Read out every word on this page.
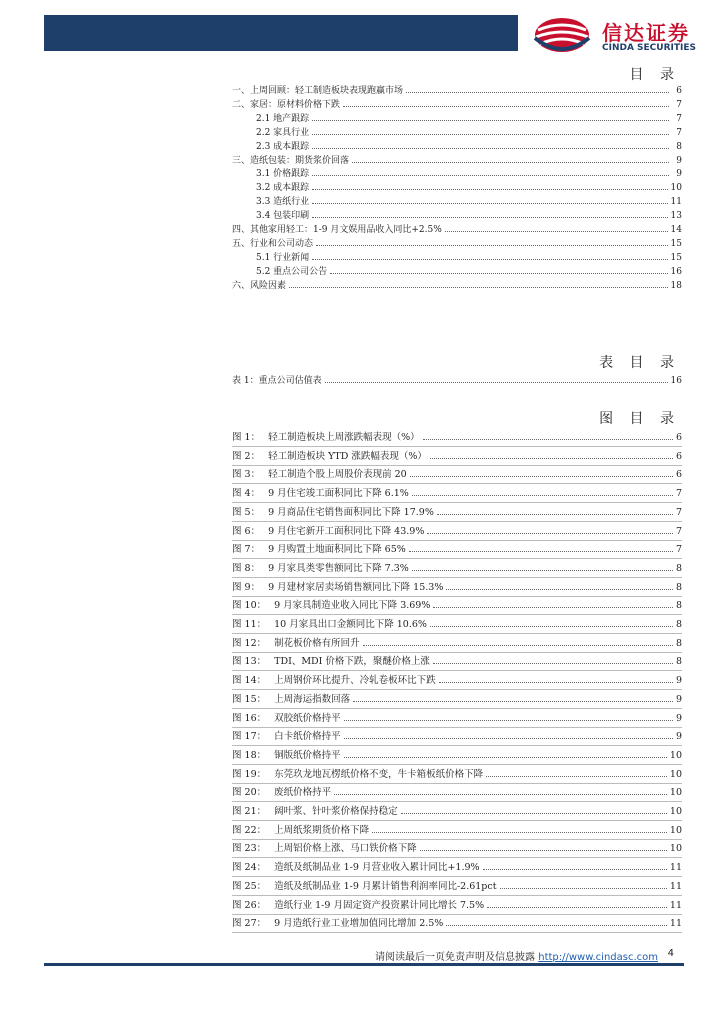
信达证券
CINDA SECURITIES
目 录
一、上周回顾：轻工制造板块表现跑赢市场	6
二、家居：原材料价格下跌	7
2.1 地产跟踪	7
2.2 家具行业	7
2.3 成本跟踪	8
三、造纸包装：期货浆价回落	9
3.1 价格跟踪	9
3.2 成本跟踪	10
3.3 造纸行业	11
3.4 包装印刷	13
四、其他家用轻工：1-9 月文娱用品收入同比+2.5%	14
五、行业和公司动态	15
5.1 行业新闻	15
5.2 重点公司公告	16
六、风险因素	18
表 目 录
表 1：重点公司估值表	16
图 目 录
图 1： 轻工制造板块上周涨跌幅表现（%）	6
图 2： 轻工制造板块 YTD 涨跌幅表现（%）	6
图 3： 轻工制造个股上周股价表现前 20	6
图 4： 9 月住宅竣工面积同比下降 6.1%	7
图 5： 9 月商品住宅销售面积同比下降 17.9%	7
图 6： 9 月住宅新开工面积同比下降 43.9%	7
图 7： 9 月购置土地面积同比下降 65%	7
图 8： 9 月家具类零售额同比下降 7.3%	8
图 9： 9 月建材家居卖场销售额同比下降 15.3%	8
图 10： 9 月家具制造业收入同比下降 3.69%	8
图 11： 10 月家具出口金额同比下降 10.6%	8
图 12： 制花板价格有所回升	8
图 13： TDI、MDI 价格下跌，聚醚价格上涨	8
图 14： 上周钢价环比提升、冷轧卷板环比下跌	9
图 15： 上周海运指数回落	9
图 16： 双胶纸价格持平	9
图 17： 白卡纸价格持平	9
图 18： 铜版纸价格持平	10
图 19： 东莞玖龙地瓦楞纸价格不变，牛卡箱板纸价格下降	10
图 20： 废纸价格持平	10
图 21： 阔叶浆、针叶浆价格保持稳定	10
图 22： 上周纸浆期货价格下降	10
图 23： 上周铝价格上涨、马口铁价格下降	10
图 24： 造纸及纸制品业 1-9 月营业收入累计同比+1.9%	11
图 25： 造纸及纸制品业 1-9 月累计销售利润率同比-2.61pct	11
图 26： 造纸行业 1-9 月固定资产投资累计同比增长 7.5%	11
图 27： 9 月造纸行业工业增加值同比增加 2.5%	11
请阅读最后一页免责声明及信息披露 http://www.cindasc.com 4
